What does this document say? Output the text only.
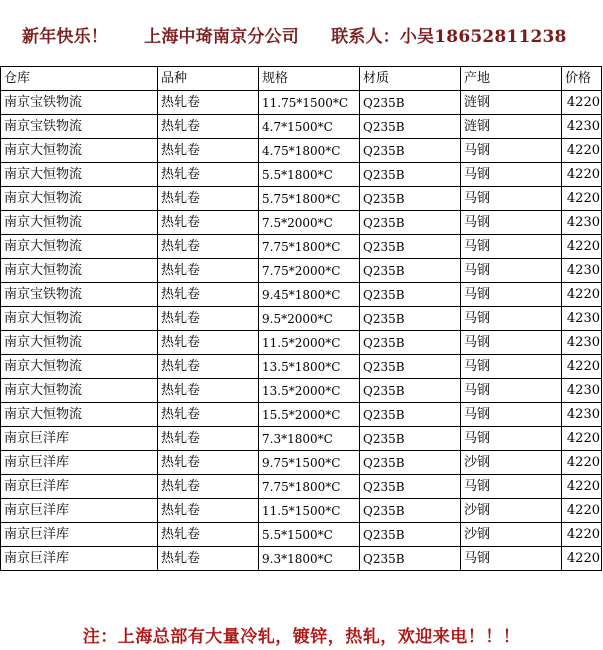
新年快乐！ 上海中琦南京分公司 联系人：小吴18652811238
仓库	品种	规格	材质	产地	价格
南京宝铁物流	热轧卷	11.75*1500*C	Q235B	涟钢	4220
南京宝铁物流	热轧卷	4.7*1500*C	Q235B	涟钢	4230
南京大恒物流	热轧卷	4.75*1800*C	Q235B	马钢	4220
南京大恒物流	热轧卷	5.5*1800*C	Q235B	马钢	4220
南京大恒物流	热轧卷	5.75*1800*C	Q235B	马钢	4220
南京大恒物流	热轧卷	7.5*2000*C	Q235B	马钢	4230
南京大恒物流	热轧卷	7.75*1800*C	Q235B	马钢	4220
南京大恒物流	热轧卷	7.75*2000*C	Q235B	马钢	4230
南京宝铁物流	热轧卷	9.45*1800*C	Q235B	马钢	4220
南京大恒物流	热轧卷	9.5*2000*C	Q235B	马钢	4230
南京大恒物流	热轧卷	11.5*2000*C	Q235B	马钢	4230
南京大恒物流	热轧卷	13.5*1800*C	Q235B	马钢	4220
南京大恒物流	热轧卷	13.5*2000*C	Q235B	马钢	4230
南京大恒物流	热轧卷	15.5*2000*C	Q235B	马钢	4230
南京巨洋库	热轧卷	7.3*1800*C	Q235B	马钢	4220
南京巨洋库	热轧卷	9.75*1500*C	Q235B	沙钢	4220
南京巨洋库	热轧卷	7.75*1800*C	Q235B	马钢	4220
南京巨洋库	热轧卷	11.5*1500*C	Q235B	沙钢	4220
南京巨洋库	热轧卷	5.5*1500*C	Q235B	沙钢	4220
南京巨洋库	热轧卷	9.3*1800*C	Q235B	马钢	4220
注：上海总部有大量冷轧，镀锌，热轧，欢迎来电！！！
